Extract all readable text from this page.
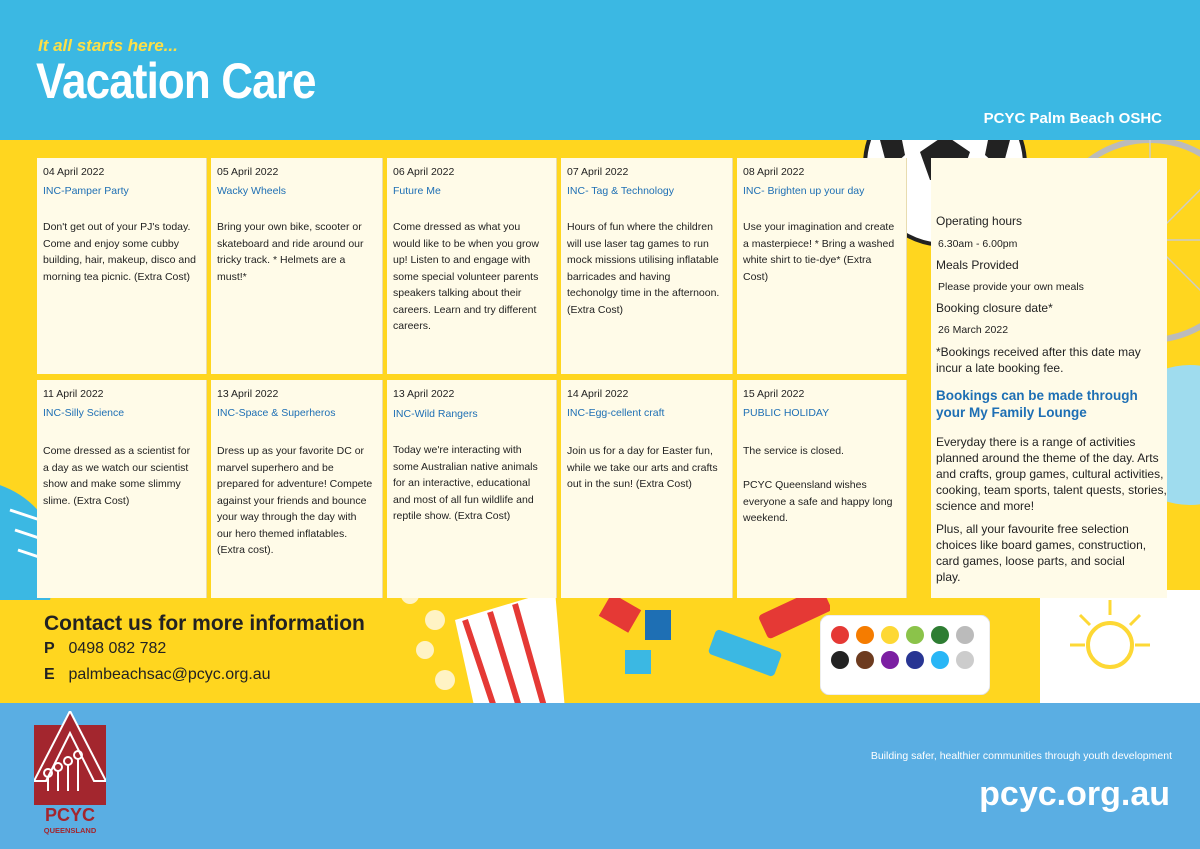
It all starts here...
Vacation Care
PCYC Palm Beach OSHC
04 April 2022
INC-Pamper Party
Don't get out of your PJ's today. Come and enjoy some cubby building, hair, makeup, disco and morning tea picnic. (Extra Cost)
05 April 2022
Wacky Wheels
Bring your own bike, scooter or skateboard and ride around our tricky track. * Helmets are a must!*
06 April 2022
Future Me
Come dressed as what you would like to be when you grow up! Listen to and engage with some special volunteer parents speakers talking about their careers. Learn and try different careers.
07 April 2022
INC- Tag & Technology
Hours of fun where the children will use laser tag games to run mock missions utilising inflatable barricades and having techonolgy time in the afternoon. (Extra Cost)
08 April 2022
INC- Brighten up your day
Use your imagination and create a masterpiece! * Bring a washed white shirt to tie-dye* (Extra Cost)
11 April 2022
INC-Silly Science
Come dressed as a scientist for a day as we watch our scientist show and make some slimmy slime. (Extra Cost)
13 April 2022
INC-Space & Superheros
Dress up as your favorite DC or marvel superhero and be prepared for adventure! Compete against your friends and bounce your way through the day with our hero themed inflatables. (Extra cost).
13 April 2022
INC-Wild Rangers
Today we're interacting with some Australian native animals for an interactive, educational and most of all fun wildlife and reptile show. (Extra Cost)
14 April 2022
INC-Egg-cellent craft
Join us for a day for Easter fun, while we take our arts and crafts out in the sun! (Extra Cost)
15 April 2022
PUBLIC HOLIDAY
The service is closed.
PCYC Queensland wishes everyone a safe and happy long weekend.
Operating hours
6.30am - 6.00pm
Meals Provided
Please provide your own meals
Booking closure date*
26 March 2022
*Bookings received after this date may incur a late booking fee.
Bookings can be made through your My Family Lounge
Everyday there is a range of activities planned around the theme of the day. Arts and crafts, group games, cultural activities, cooking, team sports, talent quests, stories, science and more!
Plus, all your favourite free selection choices like board games, construction, card games, loose parts, and social play.
Contact us for more information
P 0498 082 782
E palmbeachsac@pcyc.org.au
PCYC
QUEENSLAND
Building safer, healthier communities through youth development
pcyc.org.au
